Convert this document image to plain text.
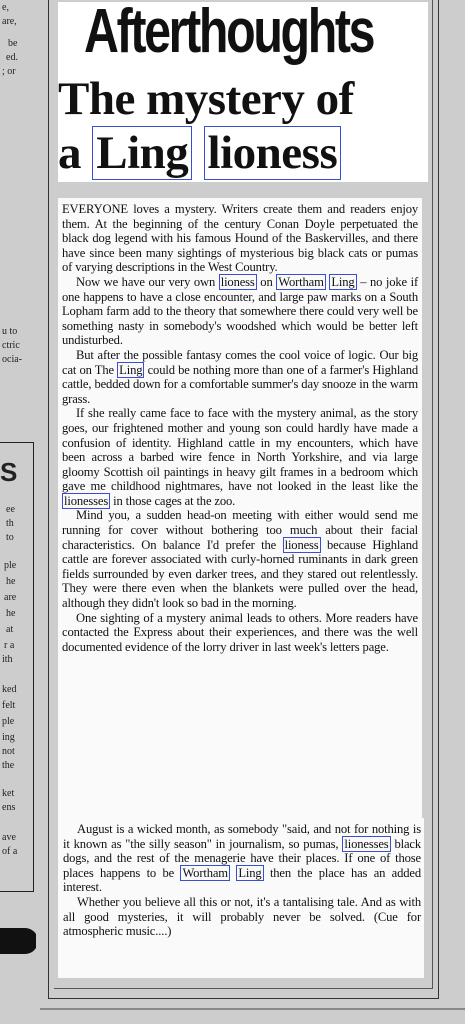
e,
are,
be
ed.
; or
u to
ctric
ocia-
S
ee
th
to
ple
he
are
he
at
r a
ith
ked
felt
ple
ing
not
the
ket
ens
ave
of a
Afterthoughts
The mystery of
a Ling lioness

EVERYONE loves a mystery. Writers create them and readers enjoy them. At the beginning of the century Conan Doyle perpetuated the black dog legend with his famous Hound of the Baskervilles, and there have since been many sightings of mysterious big black cats or pumas of varying descriptions in the West Country.

Now we have our very own lioness on Wortham Ling – no joke if one happens to have a close encounter, and large paw marks on a South Lopham farm add to the theory that somewhere there could very well be something nasty in somebody's woodshed which would be better left undisturbed.

But after the possible fantasy comes the cool voice of logic. Our big cat on The Ling could be nothing more than one of a farmer's Highland cattle, bedded down for a comfortable summer's day snooze in the warm grass.

If she really came face to face with the mystery animal, as the story goes, our frightened mother and young son could hardly have made a confusion of identity. Highland cattle in my encounters, which have been across a barbed wire fence in North Yorkshire, and via large gloomy Scottish oil paintings in heavy gilt frames in a bedroom which gave me childhood nightmares, have not looked in the least like the lionesses in those cages at the zoo.

Mind you, a sudden head-on meeting with either would send me running for cover without bothering too much about their facial characteristics. On balance I'd prefer the lioness because Highland cattle are forever associated with curly-horned ruminants in dark green fields surrounded by even darker trees, and they stared out relentlessly. They were there even when the blankets were pulled over the head, although they didn't look so bad in the morning.

One sighting of a mystery animal leads to others. More readers have contacted the Express about their experiences, and there was the well documented evidence of the lorry driver in last week's letters page.

August is a wicked month, as somebody "said, and not for nothing is it known as "the silly season" in journalism, so pumas, lionesses black dogs, and the rest of the menagerie have their places. If one of those places happens to be Wortham Ling then the place has an added interest.

Whether you believe all this or not, it's a tantalising tale. And as with all good mysteries, it will probably never be solved. (Cue for atmospheric music....)
